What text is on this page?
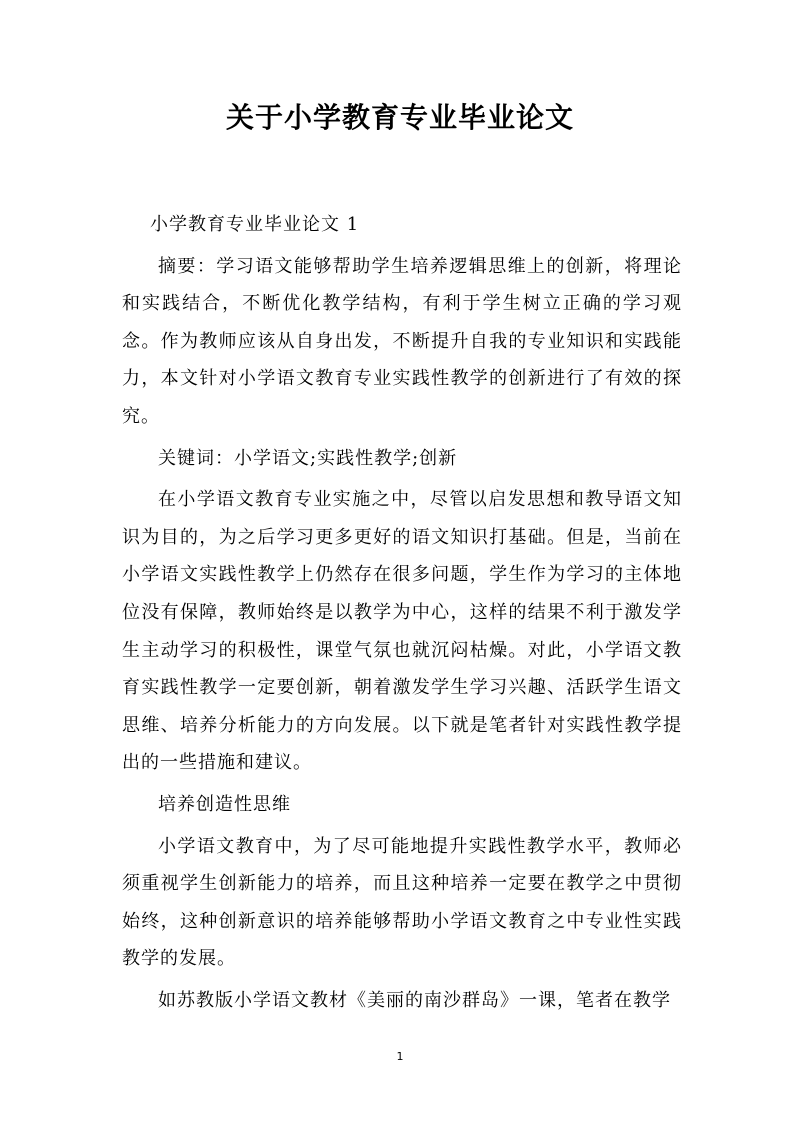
关于小学教育专业毕业论文

小学教育专业毕业论文 1

摘要：学习语文能够帮助学生培养逻辑思维上的创新，将理论和实践结合，不断优化教学结构，有利于学生树立正确的学习观念。作为教师应该从自身出发，不断提升自我的专业知识和实践能力，本文针对小学语文教育专业实践性教学的创新进行了有效的探究。

关键词：小学语文;实践性教学;创新

在小学语文教育专业实施之中，尽管以启发思想和教导语文知识为目的，为之后学习更多更好的语文知识打基础。但是，当前在小学语文实践性教学上仍然存在很多问题，学生作为学习的主体地位没有保障，教师始终是以教学为中心，这样的结果不利于激发学生主动学习的积极性，课堂气氛也就沉闷枯燥。对此，小学语文教育实践性教学一定要创新，朝着激发学生学习兴趣、活跃学生语文思维、培养分析能力的方向发展。以下就是笔者针对实践性教学提出的一些措施和建议。

培养创造性思维

小学语文教育中，为了尽可能地提升实践性教学水平，教师必须重视学生创新能力的培养，而且这种培养一定要在教学之中贯彻始终，这种创新意识的培养能够帮助小学语文教育之中专业性实践教学的发展。

如苏教版小学语文教材《美丽的南沙群岛》一课，笔者在教学

1
